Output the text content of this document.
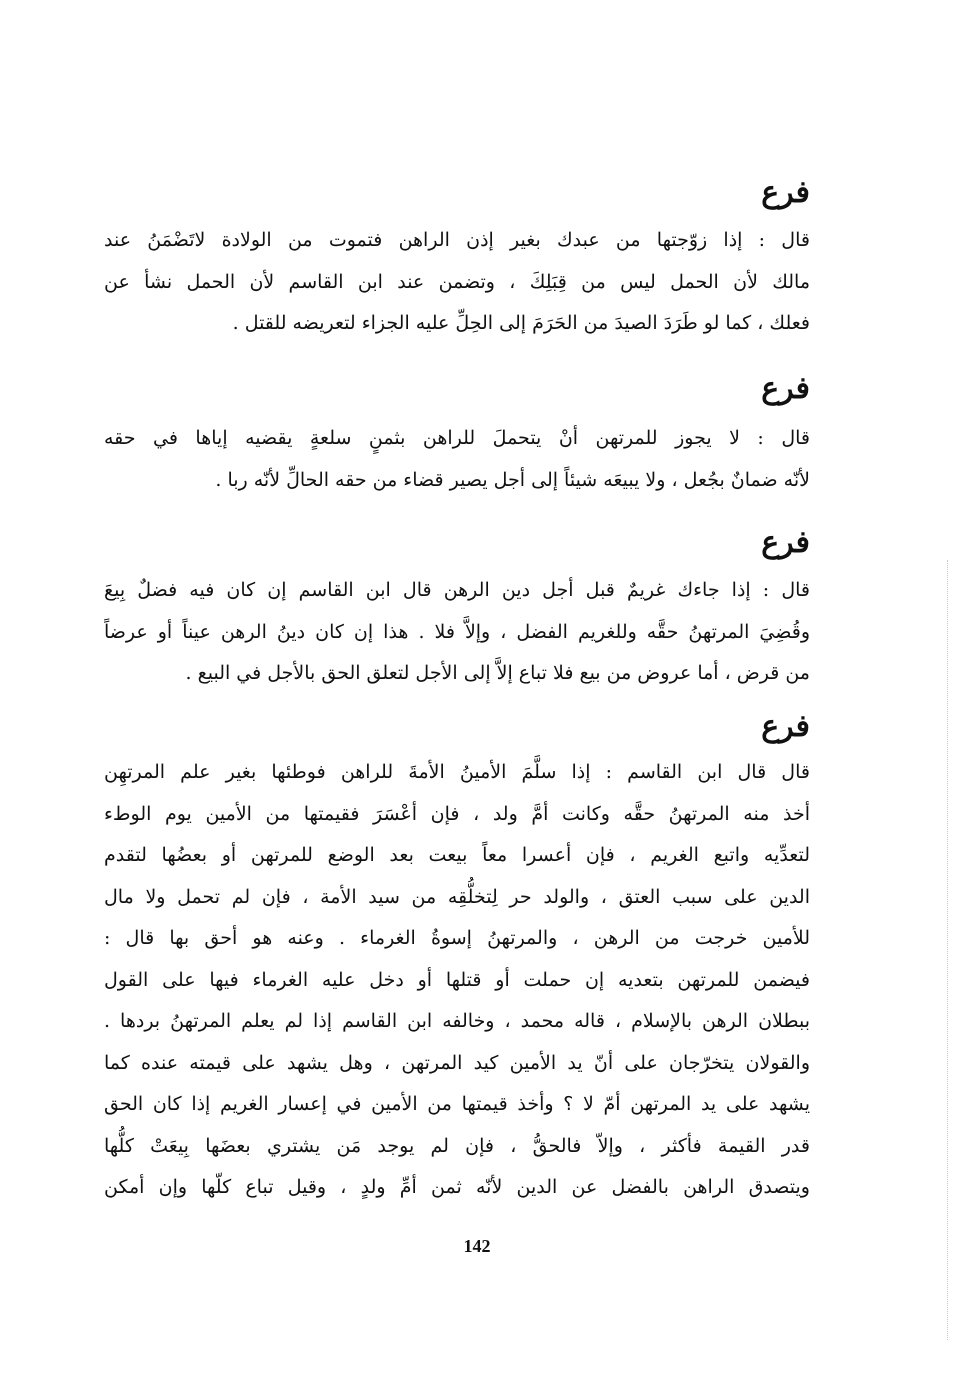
فرع

قال : إذا زوّجتها من عبدك بغير إذن الراهن فتموت من الولادة لاتَضْمَنُ عند
مالك لأن الحمل ليس من قِبَلِكَ ، وتضمن عند ابن القاسم لأن الحمل نشأ عن
فعلك ، كما لو طَرَدَ الصيدَ من الحَرَمَ إلى الحِلِّ عليه الجزاء لتعريضه للقتل .

فرع

قال : لا يجوز للمرتهن أنْ يتحملَ للراهن بثمنٍ سلعةٍ يقضيه إياها في حقه
لأنّه ضمانٌ بجُعل ، ولا يبيعَه شيئاً إلى أجل يصير قضاء من حقه الحالِّ لأنّه ربا .

فرع

قال : إذا جاءك غريمٌ قبل أجل دين الرهن قال ابن القاسم إن كان فيه فضلٌ بِيعَ
وقُضِيَ المرتهنُ حقَّه وللغريم الفضل ، وإلاَّ فلا . هذا إن كان دينُ الرهن عيناً أو عرضاً
من قرض ، أما عروض من بيع فلا تباع إلاَّ إلى الأجل لتعلق الحق بالأجل في البيع .

فرع

قال قال ابن القاسم : إذا سلَّمَ الأمينُ الأمةَ للراهن فوطئها بغير علم المرتهِن
أخذ منه المرتهنُ حقَّه وكانت أمَّ ولد ، فإن أعْسَرَ فقيمتها من الأمين يوم الوطء
لتعدِّيه واتبع الغريم ، فإن أعسرا معاً بيعت بعد الوضع للمرتهن أو بعضُها لتقدم
الدين على سبب العتق ، والولد حر لِتخلُّقِه من سيد الأمة ، فإن لم تحمل ولا مال
للأمين خرجت من الرهن ، والمرتهنُ إسوةُ الغرماء . وعنه هو أحق بها قال :
فيضمن للمرتهن بتعديه إن حملت أو قتلها أو دخل عليه الغرماء فيها على القول
ببطلان الرهن بالإسلام ، قاله محمد ، وخالفه ابن القاسم إذا لم يعلم المرتهنُ بردها .
والقولان يتخرّجان على أنّ يد الأمين كيد المرتهن ، وهل يشهد على قيمته عنده كما
يشهد على يد المرتهن أمّ لا ؟ وأخذ قيمتها من الأمين في إعسار الغريم إذا كان الحق
قدر القيمة فأكثر ، وإلاّ فالحقُّ ، فإن لم يوجد مَن يشتري بعضَها بِيعَتْ كلُّها
ويتصدق الراهن بالفضل عن الدين لأنّه ثمن أمِّ ولدٍ ، وقيل تباع كلّها وإن أمكن

142
